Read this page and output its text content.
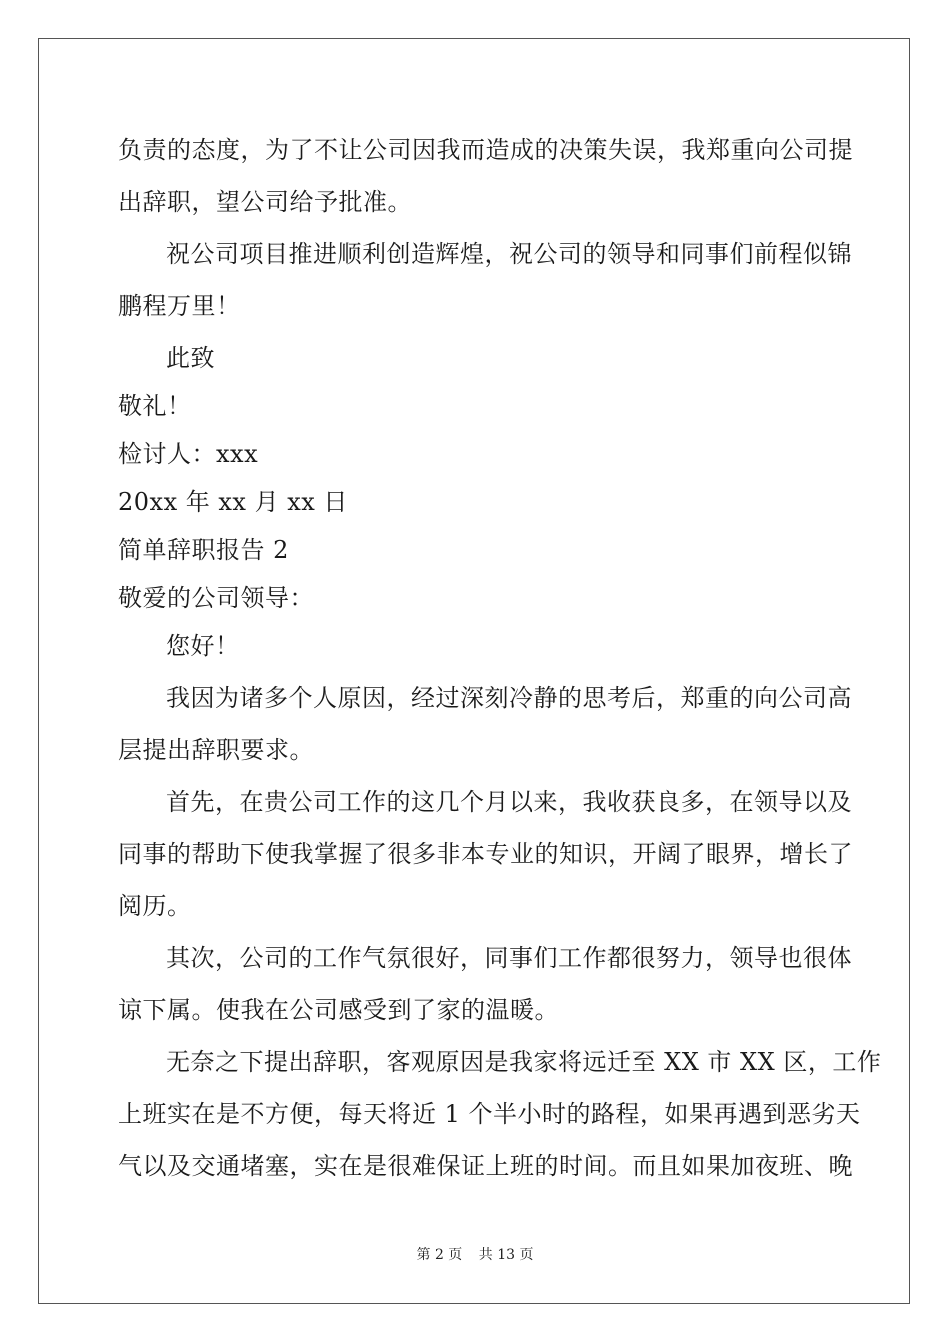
负责的态度，为了不让公司因我而造成的决策失误，我郑重向公司提
出辞职，望公司给予批准。
祝公司项目推进顺利创造辉煌，祝公司的领导和同事们前程似锦
鹏程万里！
此致
敬礼！
检讨人：xxx
20xx 年 xx 月 xx 日
简单辞职报告 2
敬爱的公司领导：
您好！
我因为诸多个人原因，经过深刻冷静的思考后，郑重的向公司高
层提出辞职要求。
首先，在贵公司工作的这几个月以来，我收获良多，在领导以及
同事的帮助下使我掌握了很多非本专业的知识，开阔了眼界，增长了
阅历。
其次，公司的工作气氛很好，同事们工作都很努力，领导也很体
谅下属。使我在公司感受到了家的温暖。
无奈之下提出辞职，客观原因是我家将远迁至 XX 市 XX 区，工作
上班实在是不方便，每天将近 1 个半小时的路程，如果再遇到恶劣天
气以及交通堵塞，实在是很难保证上班的时间。而且如果加夜班、晚
第 2 页 共 13 页
